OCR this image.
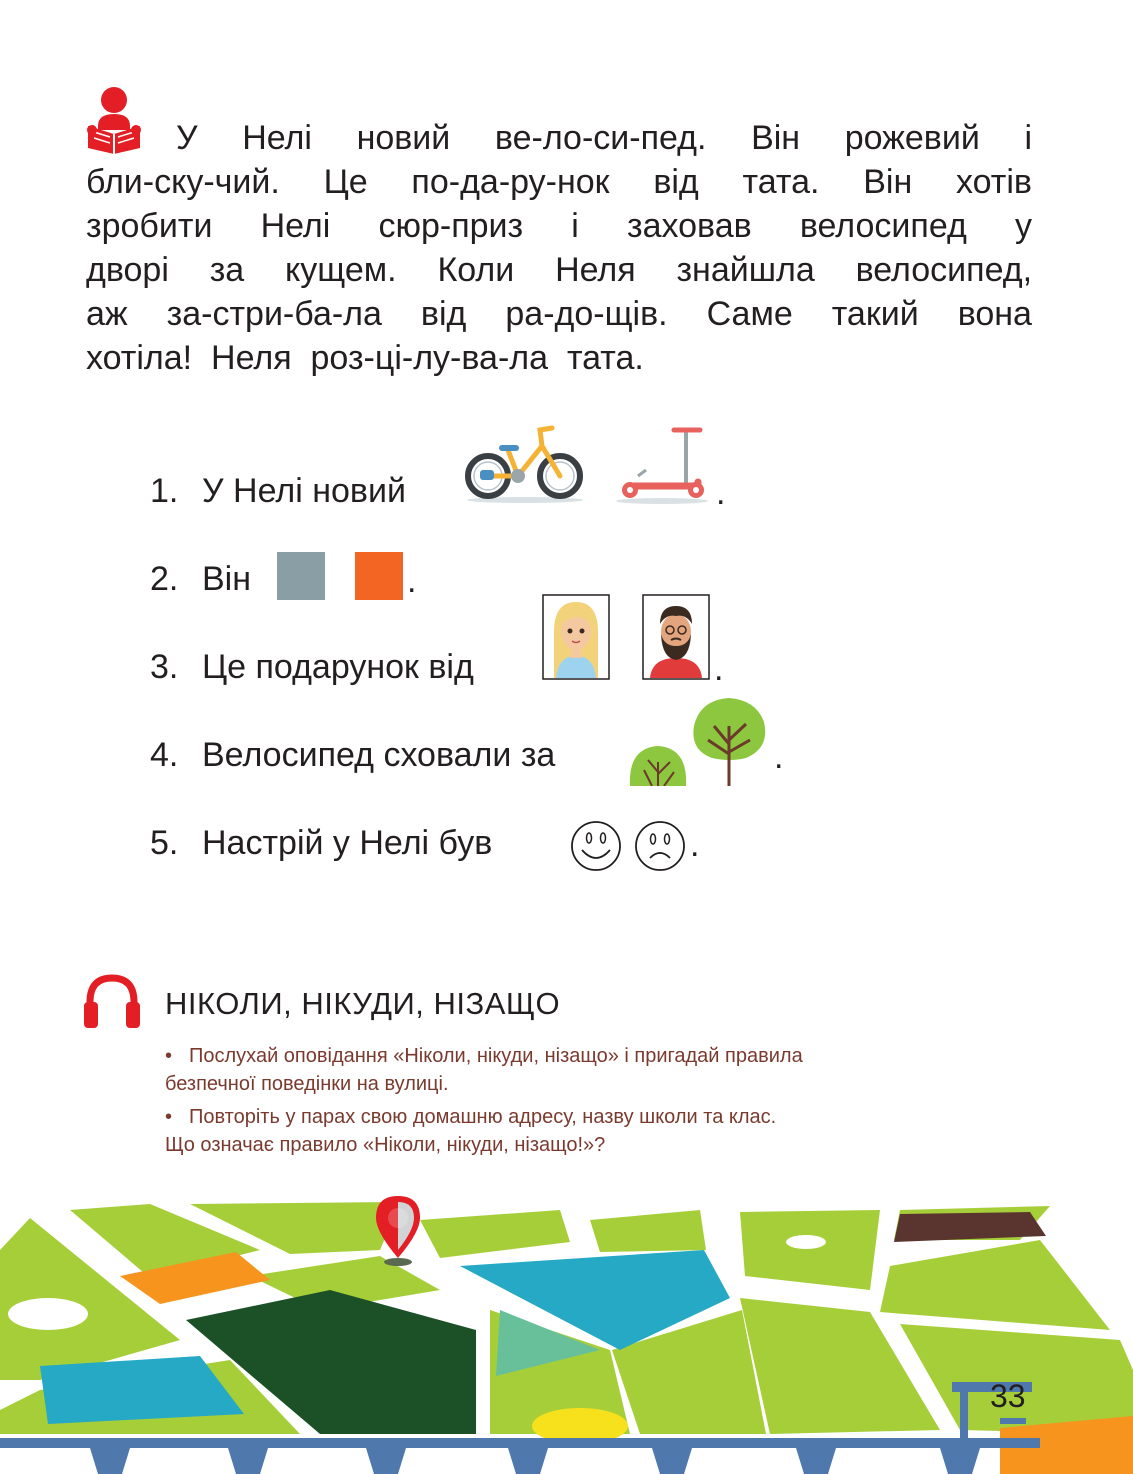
У Нелі новий ве-ло-си-пед. Він рожевий і
бли-ску-чий. Це по-да-ру-нок від тата. Він хотів
зробити Нелі сюр-приз і заховав велосипед у
дворі за кущем. Коли Неля знайшла велосипед,
аж за-стри-ба-ла від ра-до-щів. Саме такий вона
хотіла! Неля роз-ці-лу-ва-ла тата.
1. У Нелі новий	.
2. Він	.
3. Це подарунок від	.
4. Велосипед сховали за	.
5. Настрій у Нелі був	.
НІКОЛИ, НІКУДИ, НІЗАЩО
• Послухай оповідання «Ніколи, нікуди, нізащо» і пригадай правила
безпечної поведінки на вулиці.
• Повторіть у парах свою домашню адресу, назву школи та клас.
Що означає правило «Ніколи, нікуди, нізащо!»?
33
